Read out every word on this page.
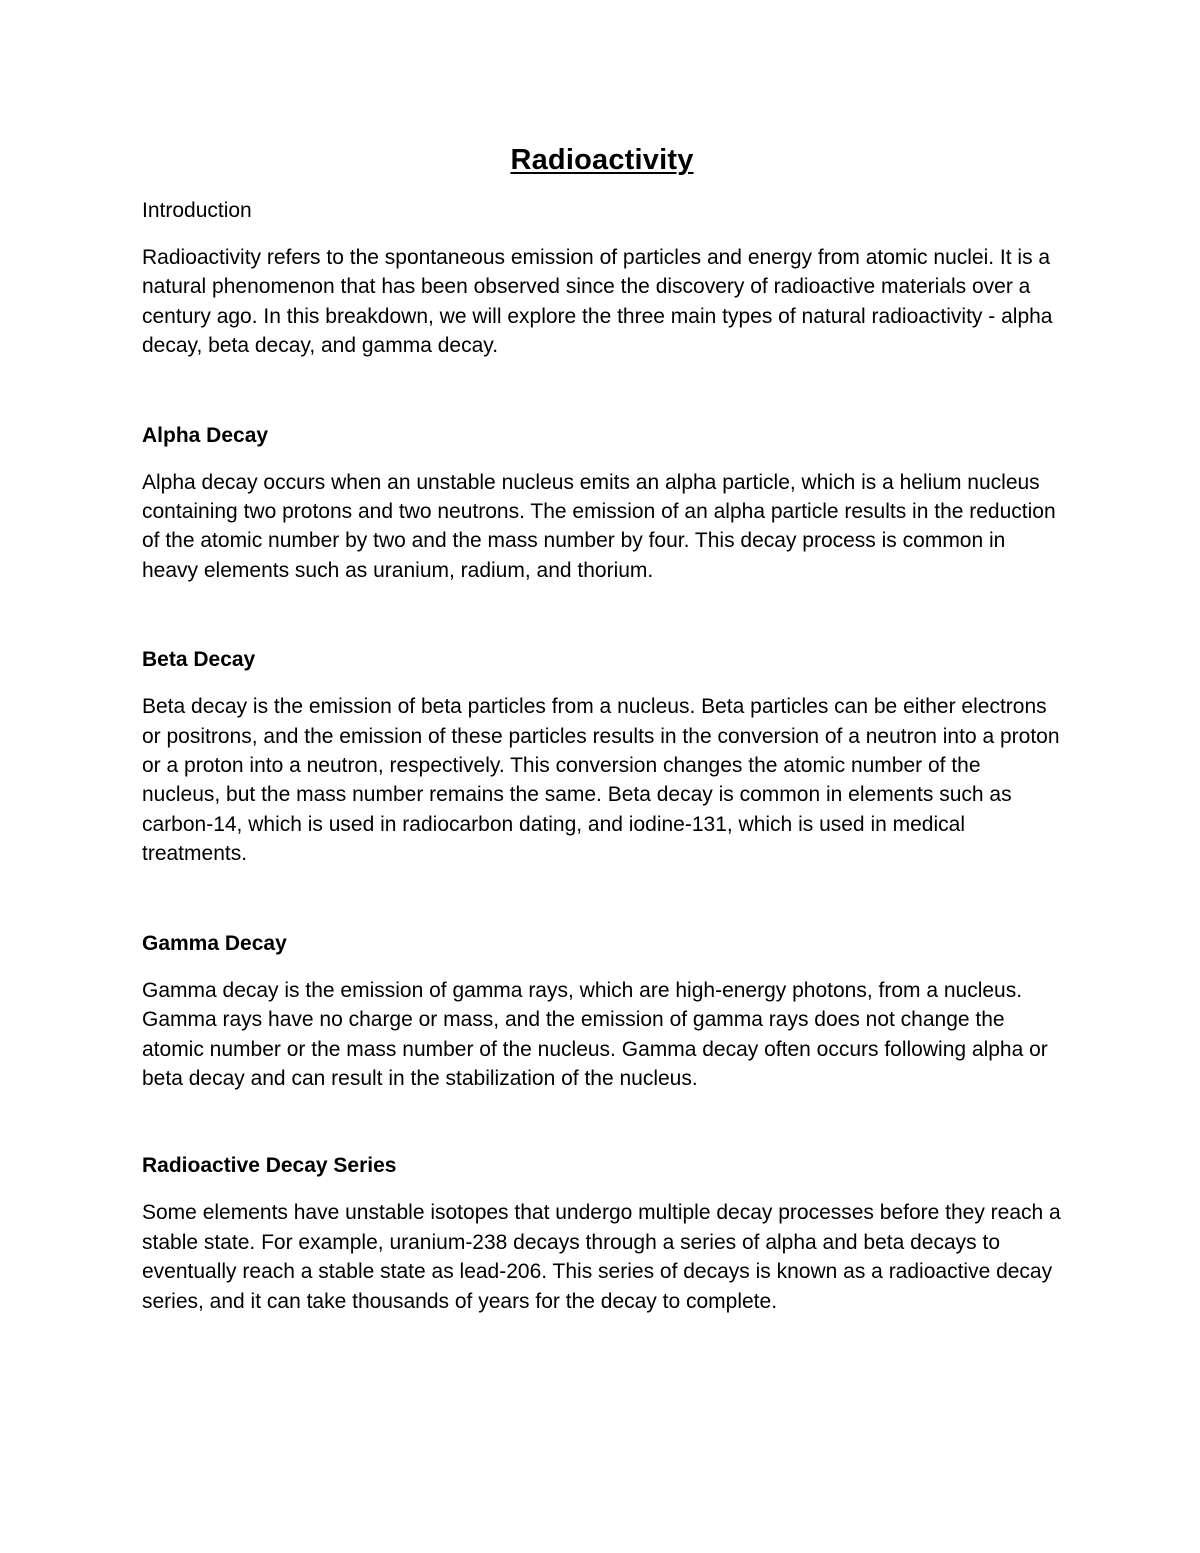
Radioactivity
Introduction

Radioactivity refers to the spontaneous emission of particles and energy from atomic nuclei. It is a natural phenomenon that has been observed since the discovery of radioactive materials over a century ago. In this breakdown, we will explore the three main types of natural radioactivity - alpha decay, beta decay, and gamma decay.

Alpha Decay

Alpha decay occurs when an unstable nucleus emits an alpha particle, which is a helium nucleus containing two protons and two neutrons. The emission of an alpha particle results in the reduction of the atomic number by two and the mass number by four. This decay process is common in heavy elements such as uranium, radium, and thorium.

Beta Decay

Beta decay is the emission of beta particles from a nucleus. Beta particles can be either electrons or positrons, and the emission of these particles results in the conversion of a neutron into a proton or a proton into a neutron, respectively. This conversion changes the atomic number of the nucleus, but the mass number remains the same. Beta decay is common in elements such as carbon-14, which is used in radiocarbon dating, and iodine-131, which is used in medical treatments.

Gamma Decay

Gamma decay is the emission of gamma rays, which are high-energy photons, from a nucleus. Gamma rays have no charge or mass, and the emission of gamma rays does not change the atomic number or the mass number of the nucleus. Gamma decay often occurs following alpha or beta decay and can result in the stabilization of the nucleus.

Radioactive Decay Series

Some elements have unstable isotopes that undergo multiple decay processes before they reach a stable state. For example, uranium-238 decays through a series of alpha and beta decays to eventually reach a stable state as lead-206. This series of decays is known as a radioactive decay series, and it can take thousands of years for the decay to complete.
